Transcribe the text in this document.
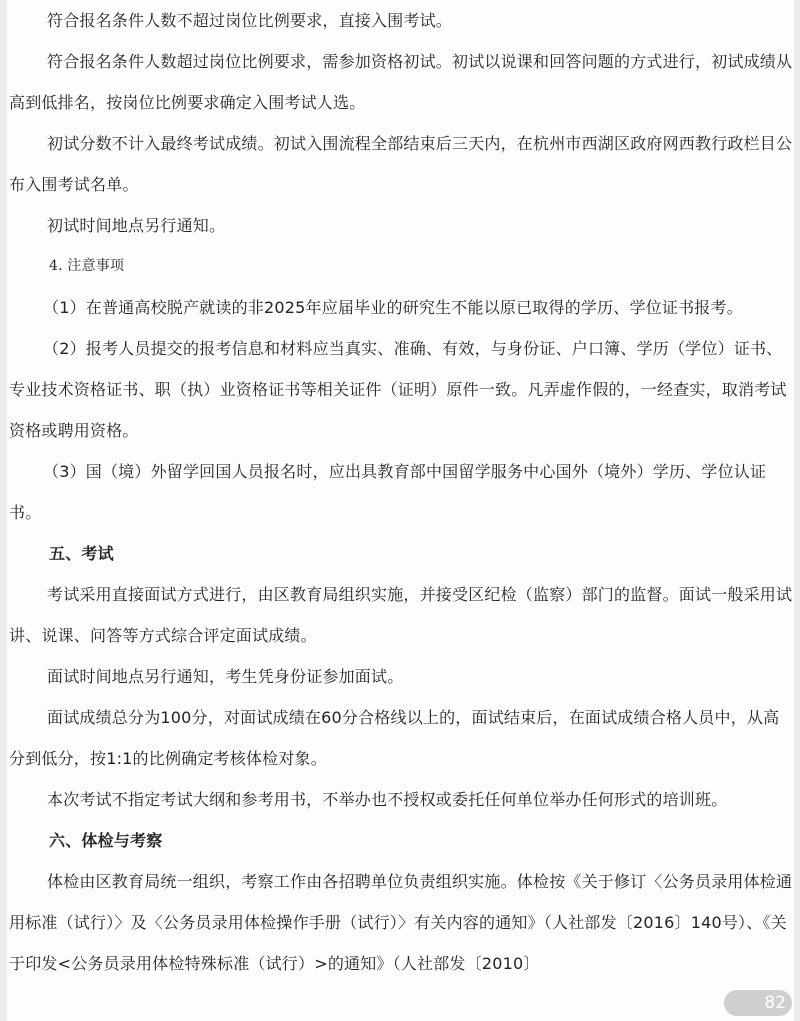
符合报名条件人数不超过岗位比例要求，直接入围考试。

符合报名条件人数超过岗位比例要求，需参加资格初试。初试以说课和回答问题的方式进行，初试成绩从高到低排名，按岗位比例要求确定入围考试人选。

初试分数不计入最终考试成绩。初试入围流程全部结束后三天内，在杭州市西湖区政府网西教行政栏目公布入围考试名单。

初试时间地点另行通知。

4. 注意事项

（1）在普通高校脱产就读的非2025年应届毕业的研究生不能以原已取得的学历、学位证书报考。

（2）报考人员提交的报考信息和材料应当真实、准确、有效，与身份证、户口簿、学历（学位）证书、专业技术资格证书、职（执）业资格证书等相关证件（证明）原件一致。凡弄虚作假的，一经查实，取消考试资格或聘用资格。

（3）国（境）外留学回国人员报名时，应出具教育部中国留学服务中心国外（境外）学历、学位认证书。

五、考试

考试采用直接面试方式进行，由区教育局组织实施，并接受区纪检（监察）部门的监督。面试一般采用试讲、说课、问答等方式综合评定面试成绩。

面试时间地点另行通知，考生凭身份证参加面试。

面试成绩总分为100分，对面试成绩在60分合格线以上的，面试结束后，在面试成绩合格人员中，从高分到低分，按1:1的比例确定考核体检对象。

本次考试不指定考试大纲和参考用书，不举办也不授权或委托任何单位举办任何形式的培训班。

六、体检与考察

体检由区教育局统一组织，考察工作由各招聘单位负责组织实施。体检按《关于修订〈公务员录用体检通用标准（试行）〉及〈公务员录用体检操作手册（试行）〉有关内容的通知》（人社部发〔2016〕140号）、《关于印发<公务员录用体检特殊标准（试行）>的通知》（人社部发〔2010〕

82
